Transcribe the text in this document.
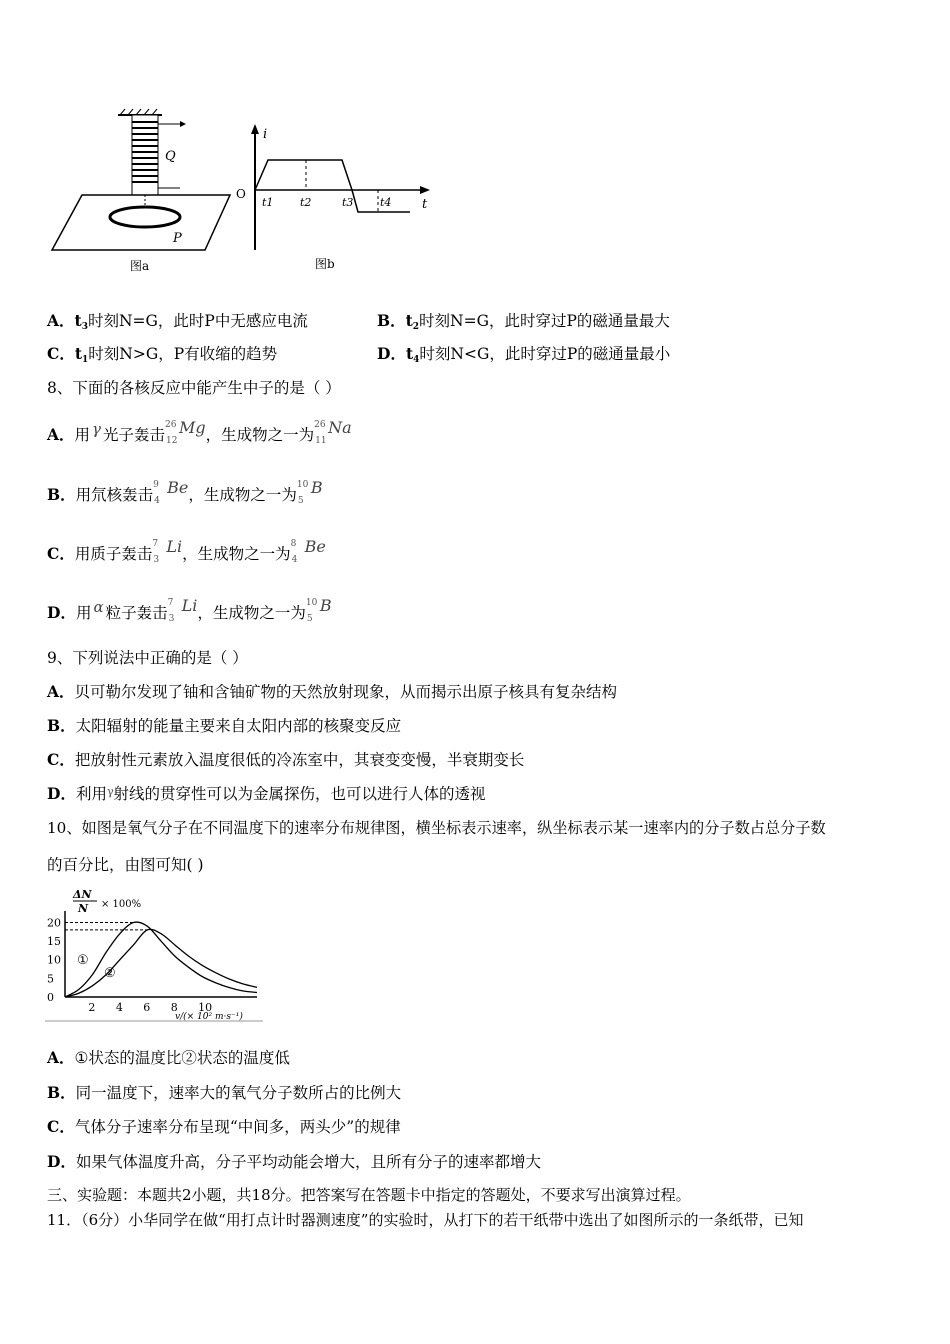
Q
P
图a
i
t
O
t1 t2	t3 t4
图b
A．t3时刻N=G，此时P中无感应电流	B．t2时刻N=G，此时穿过P的磁通量最大
C．t1时刻N>G，P有收缩的趋势	D．t4时刻N<G，此时穿过P的磁通量最小
8、下面的各核反应中能产生中子的是（ ）
A．用 γ 光子轰击
26
12
Mg，生成物之一为
26
11
Na
B．用氘核轰击
9
4
Be，生成物之一为
10
5
B
C．用质子轰击
7
3
Li，生成物之一为
8
4
Be
D．用 α 粒子轰击
7
3
Li，生成物之一为
10
5
B
9、下列说法中正确的是（ ）
A．贝可勒尔发现了铀和含铀矿物的天然放射现象，从而揭示出原子核具有复杂结构
B．太阳辐射的能量主要来自太阳内部的核聚变反应
C．把放射性元素放入温度很低的冷冻室中，其衰变变慢，半衰期变长
D．利用$^\gamma$射线的贯穿性可以为金属探伤，也可以进行人体的透视
10、如图是氧气分子在不同温度下的速率分布规律图，横坐标表示速率，纵坐标表示某一速率内的分子数占总分子数
的百分比，由图可知( )
ΔN
N × 100%
20
15
10
5
0
2 4 6 8 10
①
②
v/(× 10² m·s⁻¹)
A．①状态的温度比②状态的温度低
B．同一温度下，速率大的氧气分子数所占的比例大
C．气体分子速率分布呈现“中间多，两头少”的规律
D．如果气体温度升高，分子平均动能会增大，且所有分子的速率都增大
三、实验题：本题共2小题，共18分。把答案写在答题卡中指定的答题处，不要求写出演算过程。
11．（6分）小华同学在做“用打点计时器测速度”的实验时，从打下的若干纸带中选出了如图所示的一条纸带，已知
